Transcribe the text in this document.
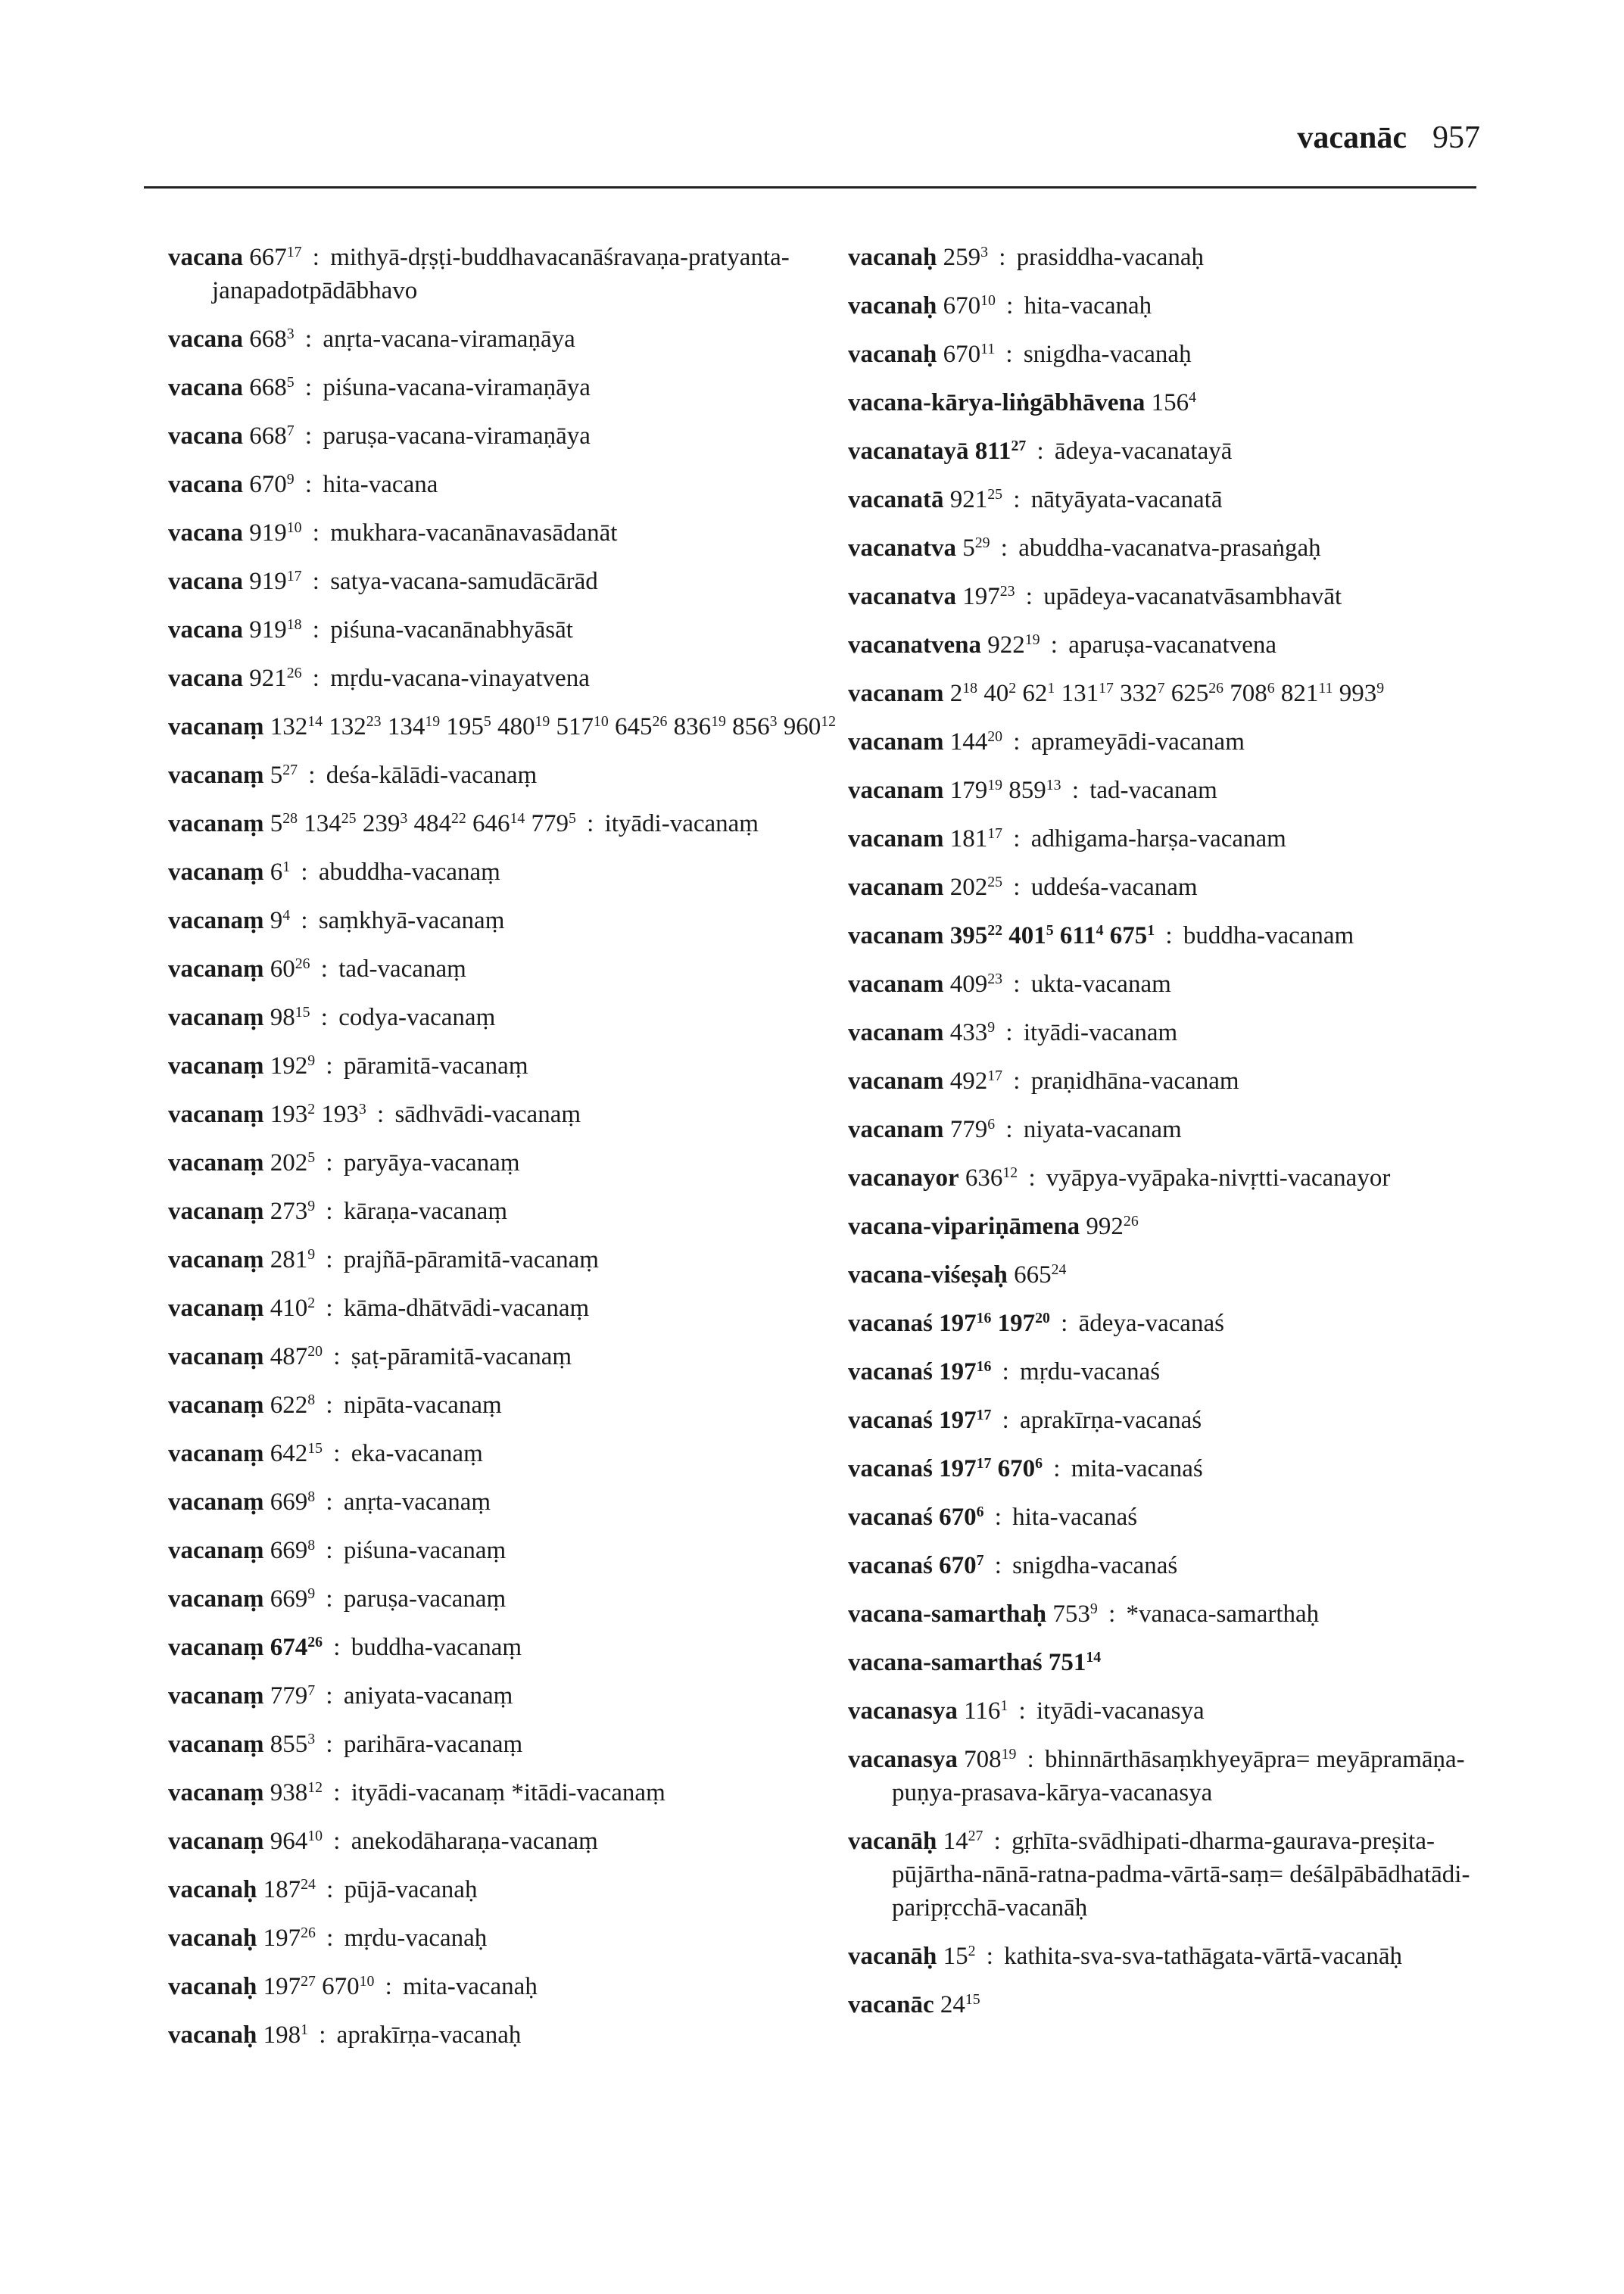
vacanāc 957
vacana $667^{17}$ : mithyā-dṛṣṭi-buddhavacanāśravaṇa-pratyanta-janapadotpādābhavo
vacana $668^3$ : anṛta-vacana-viramaṇāya
vacana $668^5$ : piśuna-vacana-viramaṇāya
vacana $668^7$ : paruṣa-vacana-viramaṇāya
vacana $670^9$ : hita-vacana
vacana $919^{10}$ : mukhara-vacanānavasādanāt
vacana $919^{17}$ : satya-vacana-samudācārād
vacana $919^{18}$ : piśuna-vacanānabhyāsāt
vacana $921^{26}$ : mṛdu-vacana-vinayatvena
vacanaṃ $132^{14}$ $132^{23}$ $134^{19}$ $195^5$ $480^{19}$ $517^{10}$ $645^{26}$ $836^{19}$ $856^3$ $960^{12}$
vacanaṃ $5^{27}$ : deśa-kālādi-vacanaṃ
vacanaṃ $5^{28}$ $134^{25}$ $239^3$ $484^{22}$ $646^{14}$ $779^5$ : ityādi-vacanaṃ
vacanaṃ $6^1$ : abuddha-vacanaṃ
vacanaṃ $9^4$ : saṃkhyā-vacanaṃ
vacanaṃ $60^{26}$ : tad-vacanaṃ
vacanaṃ $98^{15}$ : codya-vacanaṃ
vacanaṃ $192^9$ : pāramitā-vacanaṃ
vacanaṃ $193^2$ $193^3$ : sādhvādi-vacanaṃ
vacanaṃ $202^5$ : paryāya-vacanaṃ
vacanaṃ $273^9$ : kāraṇa-vacanaṃ
vacanaṃ $281^9$ : prajñā-pāramitā-vacanaṃ
vacanaṃ $410^2$ : kāma-dhātvādi-vacanaṃ
vacanaṃ $487^{20}$ : ṣaṭ-pāramitā-vacanaṃ
vacanaṃ $622^8$ : nipāta-vacanaṃ
vacanaṃ $642^{15}$ : eka-vacanaṃ
vacanaṃ $669^8$ : anṛta-vacanaṃ
vacanaṃ $669^8$ : piśuna-vacanaṃ
vacanaṃ $669^9$ : paruṣa-vacanaṃ
vacanaṃ $674^{26}$ : buddha-vacanaṃ
vacanaṃ $779^7$ : aniyata-vacanaṃ
vacanaṃ $855^3$ : parihāra-vacanaṃ
vacanaṃ $938^{12}$ : ityādi-vacanaṃ *itādi-vacanaṃ
vacanaṃ $964^{10}$ : anekodāharaṇa-vacanaṃ
vacanaḥ $187^{24}$ : pūjā-vacanaḥ
vacanaḥ $197^{26}$ : mṛdu-vacanaḥ
vacanaḥ $197^{27}$ $670^{10}$ : mita-vacanaḥ
vacanaḥ $198^1$ : aprakīrṇa-vacanaḥ
vacanaḥ $259^3$ : prasiddha-vacanaḥ
vacanaḥ $670^{10}$ : hita-vacanaḥ
vacanaḥ $670^{11}$ : snigdha-vacanaḥ
vacana-kārya-liṅgābhāvena $156^4$
vacanatayā $811^{27}$ : ādeya-vacanatayā
vacanatā $921^{25}$ : nātyāyata-vacanatā
vacanatva $5^{29}$ : abuddha-vacanatva-prasaṅgaḥ
vacanatva $197^{23}$ : upādeya-vacanatvāsambhavāt
vacanatvena $922^{19}$ : aparuṣa-vacanatvena
vacanam $2^{18}$ $40^2$ $62^1$ $131^{17}$ $332^7$ $625^{26}$ $708^6$ $821^{11}$ $993^9$
vacanam $144^{20}$ : aprameyādi-vacanam
vacanam $179^{19}$ $859^{13}$ : tad-vacanam
vacanam $181^{17}$ : adhigama-harṣa-vacanam
vacanam $202^{25}$ : uddeśa-vacanam
vacanam $395^{22}$ $401^5$ $611^4$ $675^1$ : buddha-vacanam
vacanam $409^{23}$ : ukta-vacanam
vacanam $433^9$ : ityādi-vacanam
vacanam $492^{17}$ : praṇidhāna-vacanam
vacanam $779^6$ : niyata-vacanam
vacanayor $636^{12}$ : vyāpya-vyāpaka-nivṛtti-vacanayor
vacana-vipariṇāmena $992^{26}$
vacana-viśeṣaḥ $665^{24}$
vacanaś $197^{16}$ $197^{20}$ : ādeya-vacanaś
vacanaś $197^{16}$ : mṛdu-vacanaś
vacanaś $197^{17}$ : aprakīrṇa-vacanaś
vacanaś $197^{17}$ $670^6$ : mita-vacanaś
vacanaś $670^6$ : hita-vacanaś
vacanaś $670^7$ : snigdha-vacanaś
vacana-samarthaḥ $753^9$ : *vanaca-samarthaḥ
vacana-samarthaś $751^{14}$
vacanasya $116^1$ : ityādi-vacanasya
vacanasya $708^{19}$ : bhinnārthāsaṃkhyeyāpra= meyāpramāṇa-puṇya-prasava-kārya-vacanasya
vacanāḥ $14^{27}$ : gṛhīta-svādhipati-dharma-gaurava-preṣita-pūjārtha-nānā-ratna-padma-vārtā-saṃ= deśālpābādhatādi-paripṛcchā-vacanāḥ
vacanāḥ $15^2$ : kathita-sva-sva-tathāgata-vārtā-vacanāḥ
vacanāc $24^{15}$
